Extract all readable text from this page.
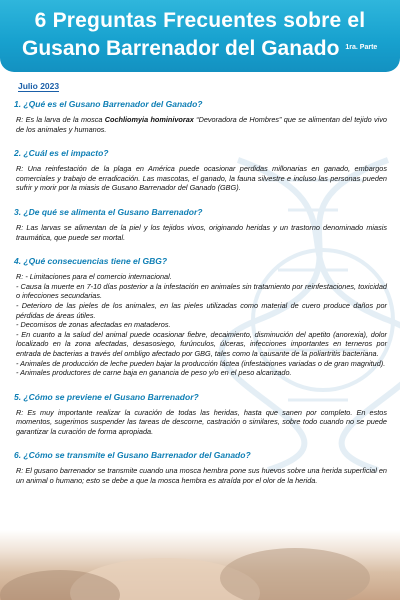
6 Preguntas Frecuentes sobre el
Gusano Barrenador del Ganado $^{1ra. Parte}$
Julio 2023
1. ¿Qué es el Gusano Barrenador del Ganado?
R: Es la larva de la mosca Cochliomyia hominivorax “Devoradora de Hombres” que se alimentan del tejido vivo de los animales y humanos.
2. ¿Cuál es el impacto?
R: Una reinfestación de la plaga en América puede ocasionar perdidas millonarias en ganado, embargos comerciales y trabajo de erradicación. Las mascotas, el ganado, la fauna silvestre e incluso las personas pueden sufrir y morir por la miasis de Gusano Barrenador del Ganado (GBG).
3. ¿De qué se alimenta el Gusano Barrenador?
R: Las larvas se alimentan de la piel y los tejidos vivos, originando heridas y un trastorno denominado miasis traumática, que puede ser mortal.
4. ¿Qué consecuencias tiene el GBG?
R: - Limitaciones para el comercio internacional.
- Causa la muerte en 7-10 días posterior a la infestación en animales sin tratamiento por reinfestaciones, toxicidad o infecciones secundarias.
- Deterioro de las pieles de los animales, en las pieles utilizadas como material de cuero produce daños por pérdidas de áreas útiles.
- Decomisos de zonas afectadas en mataderos.
- En cuanto a la salud del animal puede ocasionar fiebre, decaimiento, disminución del apetito (anorexia), dolor localizado en la zona afectadas, desasosiego, furúnculos, úlceras, infecciones importantes en terneros por entrada de bacterias a través del ombligo afectado por GBG, tales como la causante de la poliartritis bacteriana.
- Animales de producción de leche pueden bajar la producción láctea (infestaciones variadas o de gran magnitud).
- Animales productores de carne baja en ganancia de peso y/o en el peso alcanzado.
5. ¿Cómo se previene el Gusano Barrenador?
R: Es muy importante realizar la curación de todas las heridas, hasta que sanen por completo. En estos momentos, sugerimos suspender las tareas de descorne, castración o similares, sobre todo cuando no se puede garantizar la curación de forma apropiada.
6. ¿Cómo se transmite el Gusano Barrenador del Ganado?
R: El gusano barrenador se transmite cuando una mosca hembra pone sus huevos sobre una herida superficial en un animal o humano; esto se debe a que la mosca hembra es atraída por el olor de la herida.
